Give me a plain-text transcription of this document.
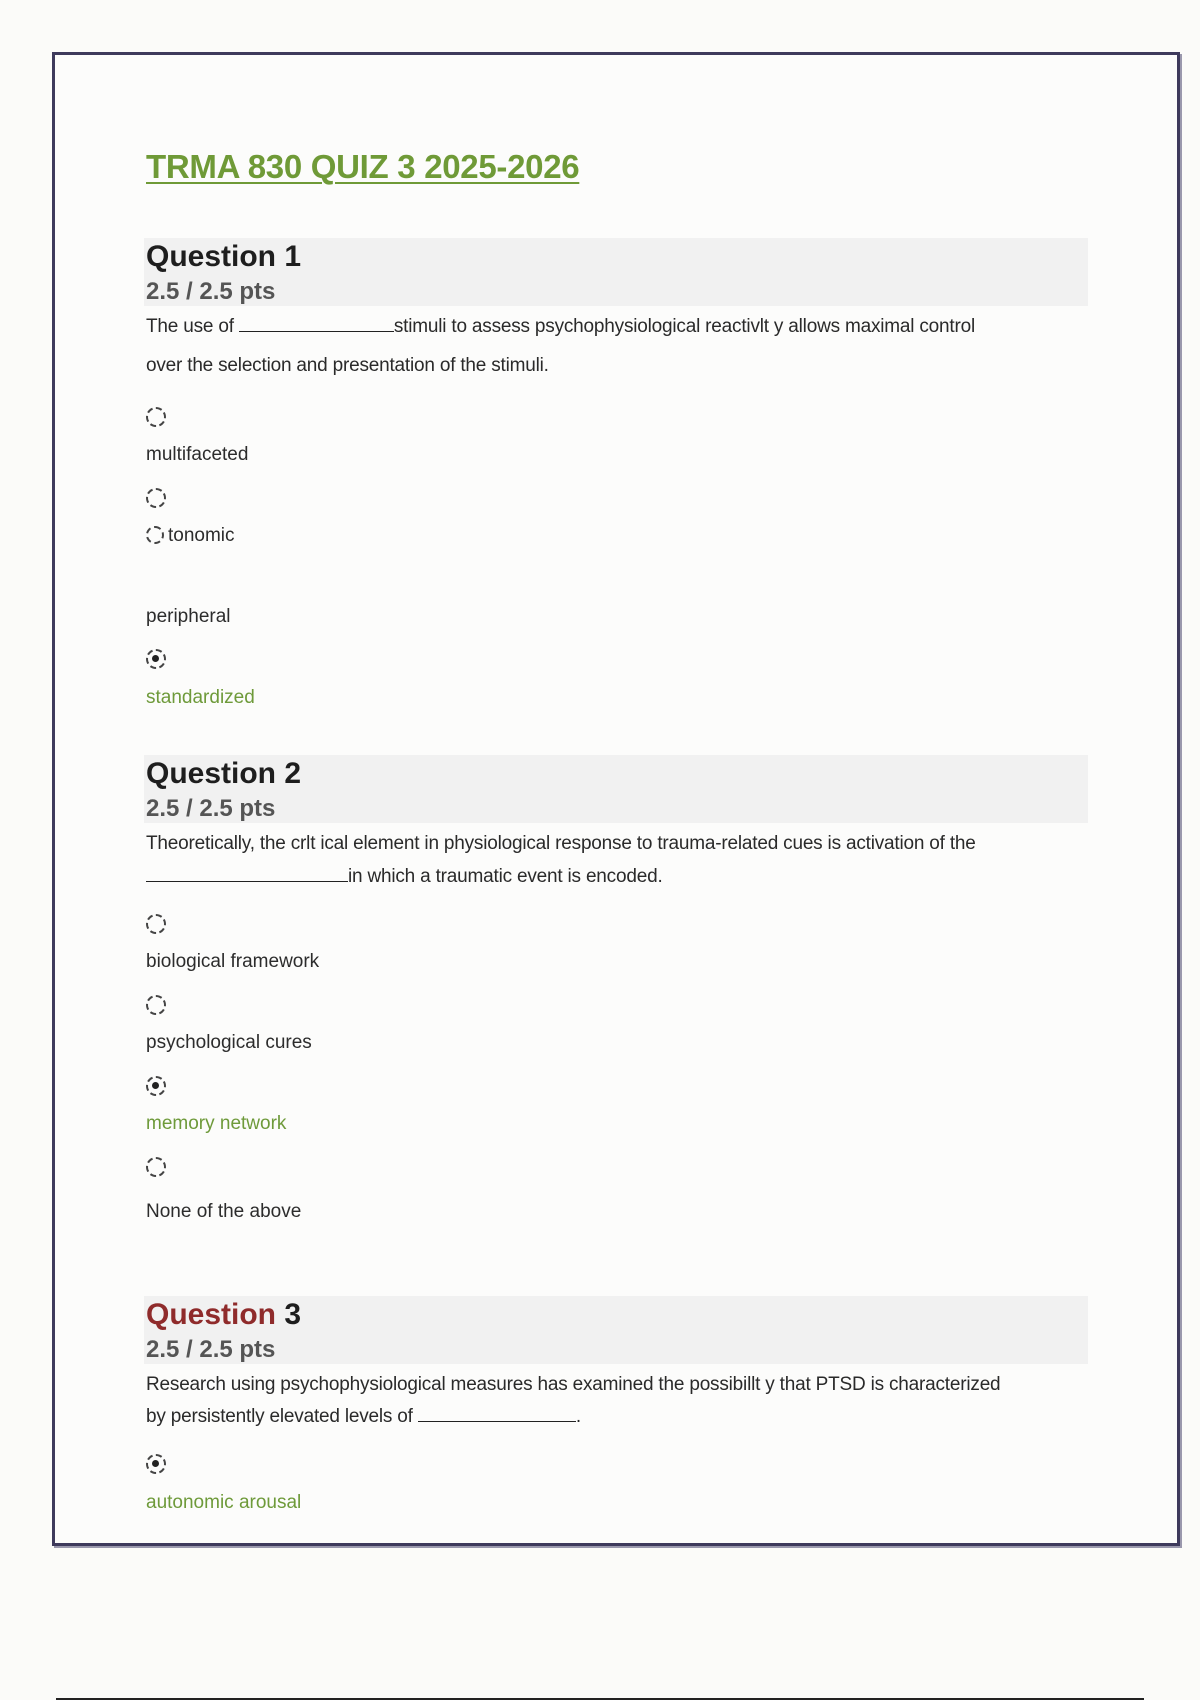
TRMA 830 QUIZ 3 2025-2026
Question 1
2.5 / 2.5 pts

The use of	stimuli to assess psychophysiological reactivlt y allows maximal control

over the selection and presentation of the stimuli.

multifaceted

tonomic

peripheral

standardized

Question 2
2.5 / 2.5 pts

Theoretically, the crlt ical element in physiological response to trauma-related cues is activation of the

in which a traumatic event is encoded.

biological framework

psychological cures

memory network

None of the above

Question 3
2.5 / 2.5 pts

Research using psychophysiological measures has examined the possibillt y that PTSD is characterized

by persistently elevated levels of	.

autonomic arousal
